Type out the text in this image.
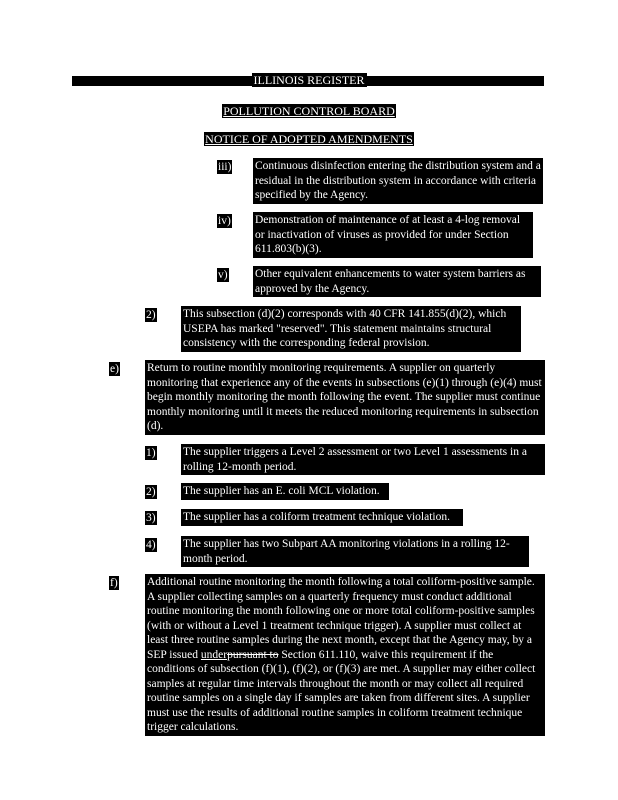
ILLINOIS REGISTER
POLLUTION CONTROL BOARD
NOTICE OF ADOPTED AMENDMENTS
iii) Continuous disinfection entering the distribution system and a residual in the distribution system in accordance with criteria specified by the Agency.
iv) Demonstration of maintenance of at least a 4-log removal or inactivation of viruses as provided for under Section 611.803(b)(3).
v) Other equivalent enhancements to water system barriers as approved by the Agency.
2) This subsection (d)(2) corresponds with 40 CFR 141.855(d)(2), which USEPA has marked "reserved". This statement maintains structural consistency with the corresponding federal provision.
e) Return to routine monthly monitoring requirements. A supplier on quarterly monitoring that experience any of the events in subsections (e)(1) through (e)(4) must begin monthly monitoring the month following the event. The supplier must continue monthly monitoring until it meets the reduced monitoring requirements in subsection (d).
1) The supplier triggers a Level 2 assessment or two Level 1 assessments in a rolling 12-month period.
2) The supplier has an E. coli MCL violation.
3) The supplier has a coliform treatment technique violation.
4) The supplier has two Subpart AA monitoring violations in a rolling 12-month period.
f)	Additional routine monitoring the month following a total coliform-positive sample. A supplier collecting samples on a quarterly frequency must conduct additional routine monitoring the month following one or more total coliform-positive samples (with or without a Level 1 treatment technique trigger). A supplier must collect at least three routine samples during the next month, except that the Agency may, by a SEP issued underpursuant to Section 611.110, waive this requirement if the conditions of subsection (f)(1), (f)(2), or (f)(3) are met. A supplier may either collect samples at regular time intervals throughout the month or may collect all required routine samples on a single day if samples are taken from different sites. A supplier must use the results of additional routine samples in coliform treatment technique trigger calculations.
